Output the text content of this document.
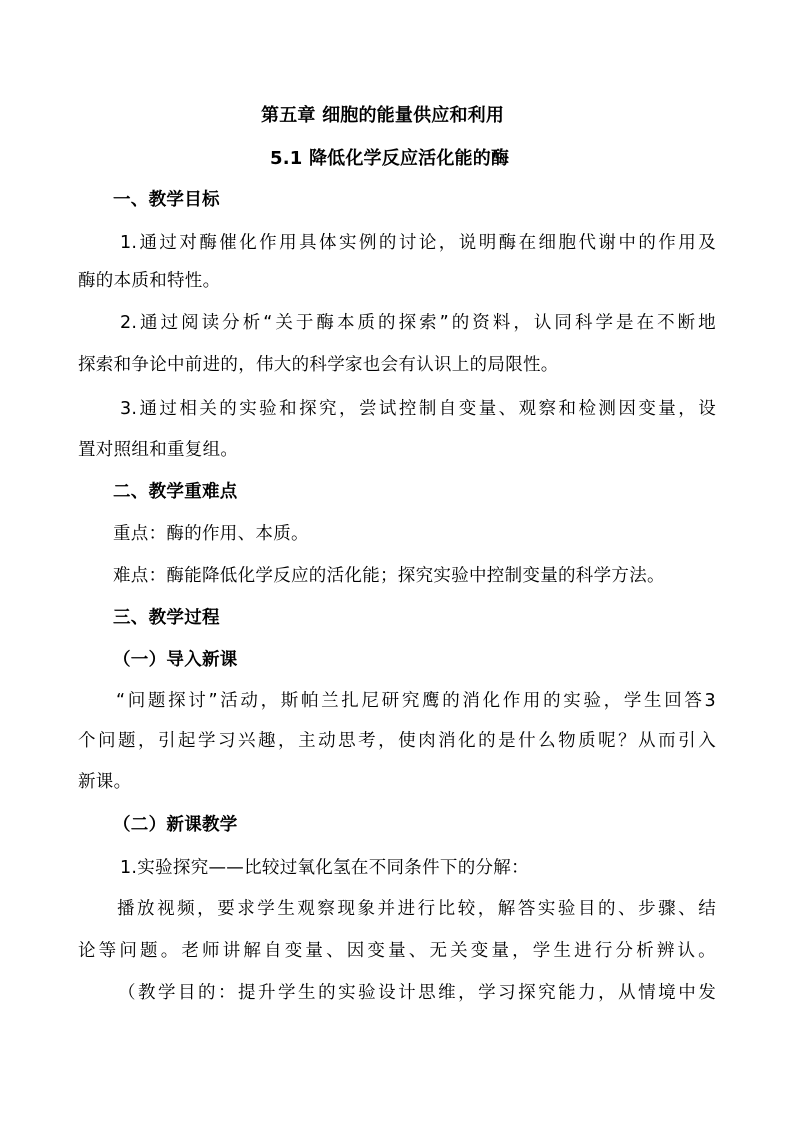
第五章 细胞的能量供应和利用
5.1 降低化学反应活化能的酶
一、教学目标
1.通过对酶催化作用具体实例的讨论，说明酶在细胞代谢中的作用及
酶的本质和特性。
2.通过阅读分析“关于酶本质的探索”的资料，认同科学是在不断地
探索和争论中前进的，伟大的科学家也会有认识上的局限性。
3.通过相关的实验和探究，尝试控制自变量、观察和检测因变量，设
置对照组和重复组。
二、教学重难点
重点：酶的作用、本质。
难点：酶能降低化学反应的活化能；探究实验中控制变量的科学方法。
三、教学过程
（一）导入新课
“问题探讨”活动，斯帕兰扎尼研究鹰的消化作用的实验，学生回答3
个问题，引起学习兴趣，主动思考，使肉消化的是什么物质呢？从而引入
新课。
（二）新课教学
1.实验探究——比较过氧化氢在不同条件下的分解：
播放视频，要求学生观察现象并进行比较，解答实验目的、步骤、结
论等问题。老师讲解自变量、因变量、无关变量，学生进行分析辨认。
（教学目的：提升学生的实验设计思维，学习探究能力，从情境中发
